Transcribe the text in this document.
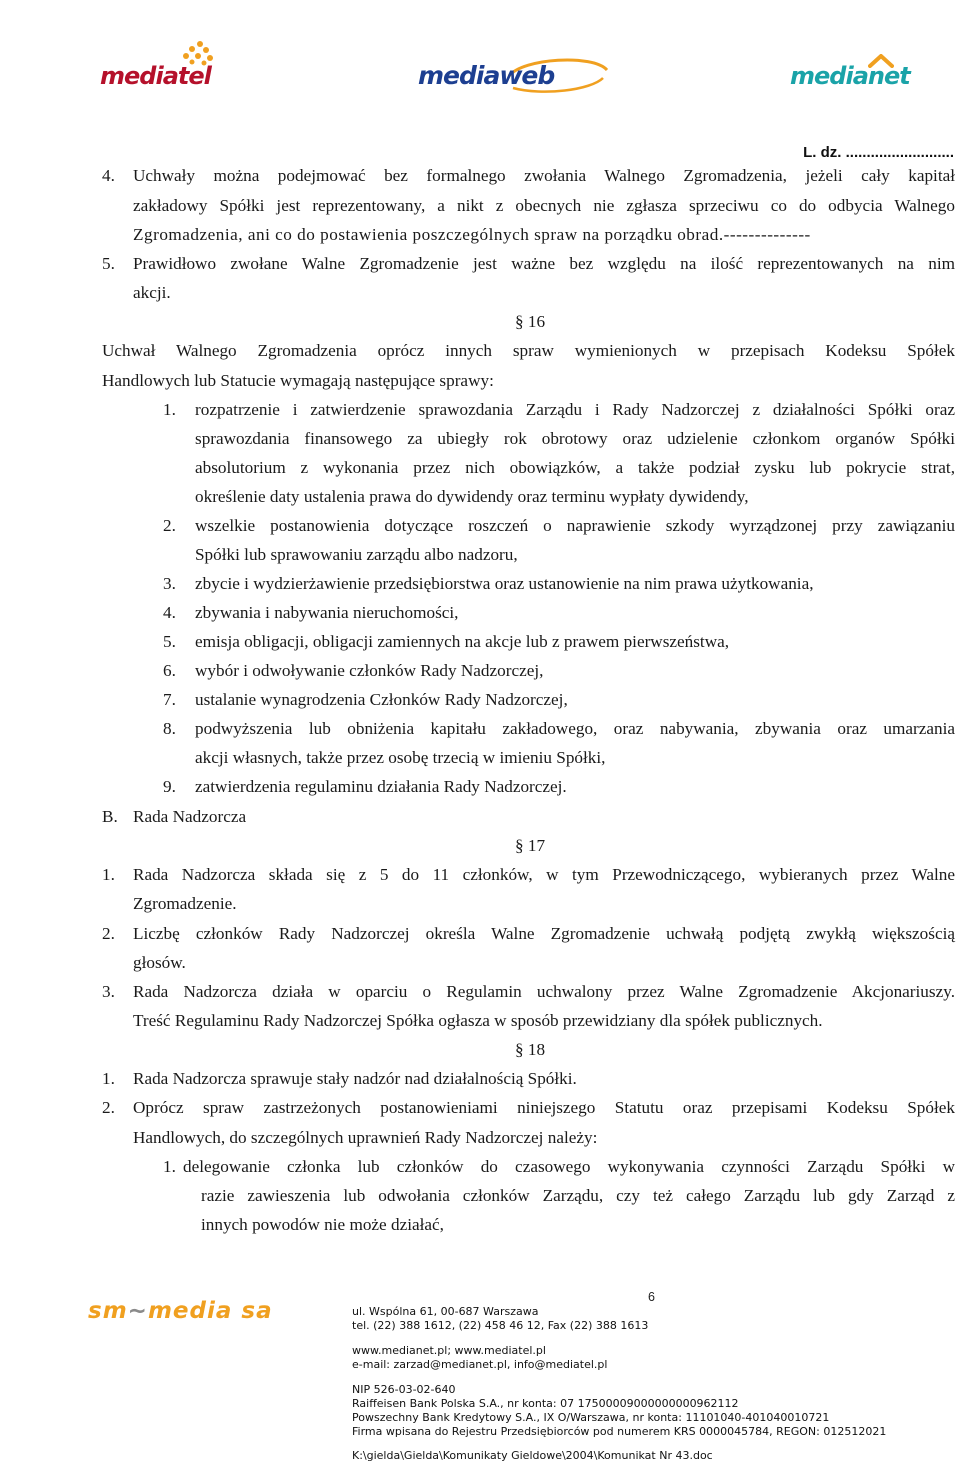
mediatel	mediaweb	medianet
L. dz. ..........................
4. Uchwały można podejmować bez formalnego zwołania Walnego Zgromadzenia, jeżeli cały kapitał
zakładowy Spółki jest reprezentowany, a nikt z obecnych nie zgłasza sprzeciwu co do odbycia Walnego
Zgromadzenia, ani co do postawienia poszczególnych spraw na porządku obrad.--------------
5. Prawidłowo zwołane Walne Zgromadzenie jest ważne bez względu na ilość reprezentowanych na nim
akcji.
§ 16
Uchwał Walnego Zgromadzenia oprócz innych spraw wymienionych w przepisach Kodeksu Spółek
Handlowych lub Statucie wymagają następujące sprawy:
1. rozpatrzenie i zatwierdzenie sprawozdania Zarządu i Rady Nadzorczej z działalności Spółki oraz
sprawozdania finansowego za ubiegły rok obrotowy oraz udzielenie członkom organów Spółki
absolutorium z wykonania przez nich obowiązków, a także podział zysku lub pokrycie strat,
określenie daty ustalenia prawa do dywidendy oraz terminu wypłaty dywidendy,
2. wszelkie postanowienia dotyczące roszczeń o naprawienie szkody wyrządzonej przy zawiązaniu
Spółki lub sprawowaniu zarządu albo nadzoru,
3. zbycie i wydzierżawienie przedsiębiorstwa oraz ustanowienie na nim prawa użytkowania,
4. zbywania i nabywania nieruchomości,
5. emisja obligacji, obligacji zamiennych na akcje lub z prawem pierwszeństwa,
6. wybór i odwoływanie członków Rady Nadzorczej,
7. ustalanie wynagrodzenia Członków Rady Nadzorczej,
8. podwyższenia lub obniżenia kapitału zakładowego, oraz nabywania, zbywania oraz umarzania
akcji własnych, także przez osobę trzecią w imieniu Spółki,
9. zatwierdzenia regulaminu działania Rady Nadzorczej.
B. Rada Nadzorcza
§ 17
1. Rada Nadzorcza składa się z 5 do 11 członków, w tym Przewodniczącego, wybieranych przez Walne
Zgromadzenie.
2. Liczbę członków Rady Nadzorczej określa Walne Zgromadzenie uchwałą podjętą zwykłą większością
głosów.
3. Rada Nadzorcza działa w oparciu o Regulamin uchwalony przez Walne Zgromadzenie Akcjonariuszy.
Treść Regulaminu Rady Nadzorczej Spółka ogłasza w sposób przewidziany dla spółek publicznych.
§ 18
1. Rada Nadzorcza sprawuje stały nadzór nad działalnością Spółki.
2. Oprócz spraw zastrzeżonych postanowieniami niniejszego Statutu oraz przepisami Kodeksu Spółek
Handlowych, do szczególnych uprawnień Rady Nadzorczej należy:
1. delegowanie członka lub członków do czasowego wykonywania czynności Zarządu Spółki w
razie zawieszenia lub odwołania członków Zarządu, czy też całego Zarządu lub gdy Zarząd z
innych powodów nie może działać,
sm~media sa
6
ul. Wspólna 61, 00-687 Warszawa
tel. (22) 388 1612, (22) 458 46 12, Fax (22) 388 1613
www.medianet.pl; www.mediatel.pl
e-mail: zarzad@medianet.pl, info@mediatel.pl
NIP 526-03-02-640
Raiffeisen Bank Polska S.A., nr konta: 07 17500009000000000962112
Powszechny Bank Kredytowy S.A., IX O/Warszawa, nr konta: 11101040-401040010721
Firma wpisana do Rejestru Przedsiębiorców pod numerem KRS 0000045784, REGON: 012512021
K:\gielda\Gielda\Komunikaty Gieldowe\2004\Komunikat Nr 43.doc
